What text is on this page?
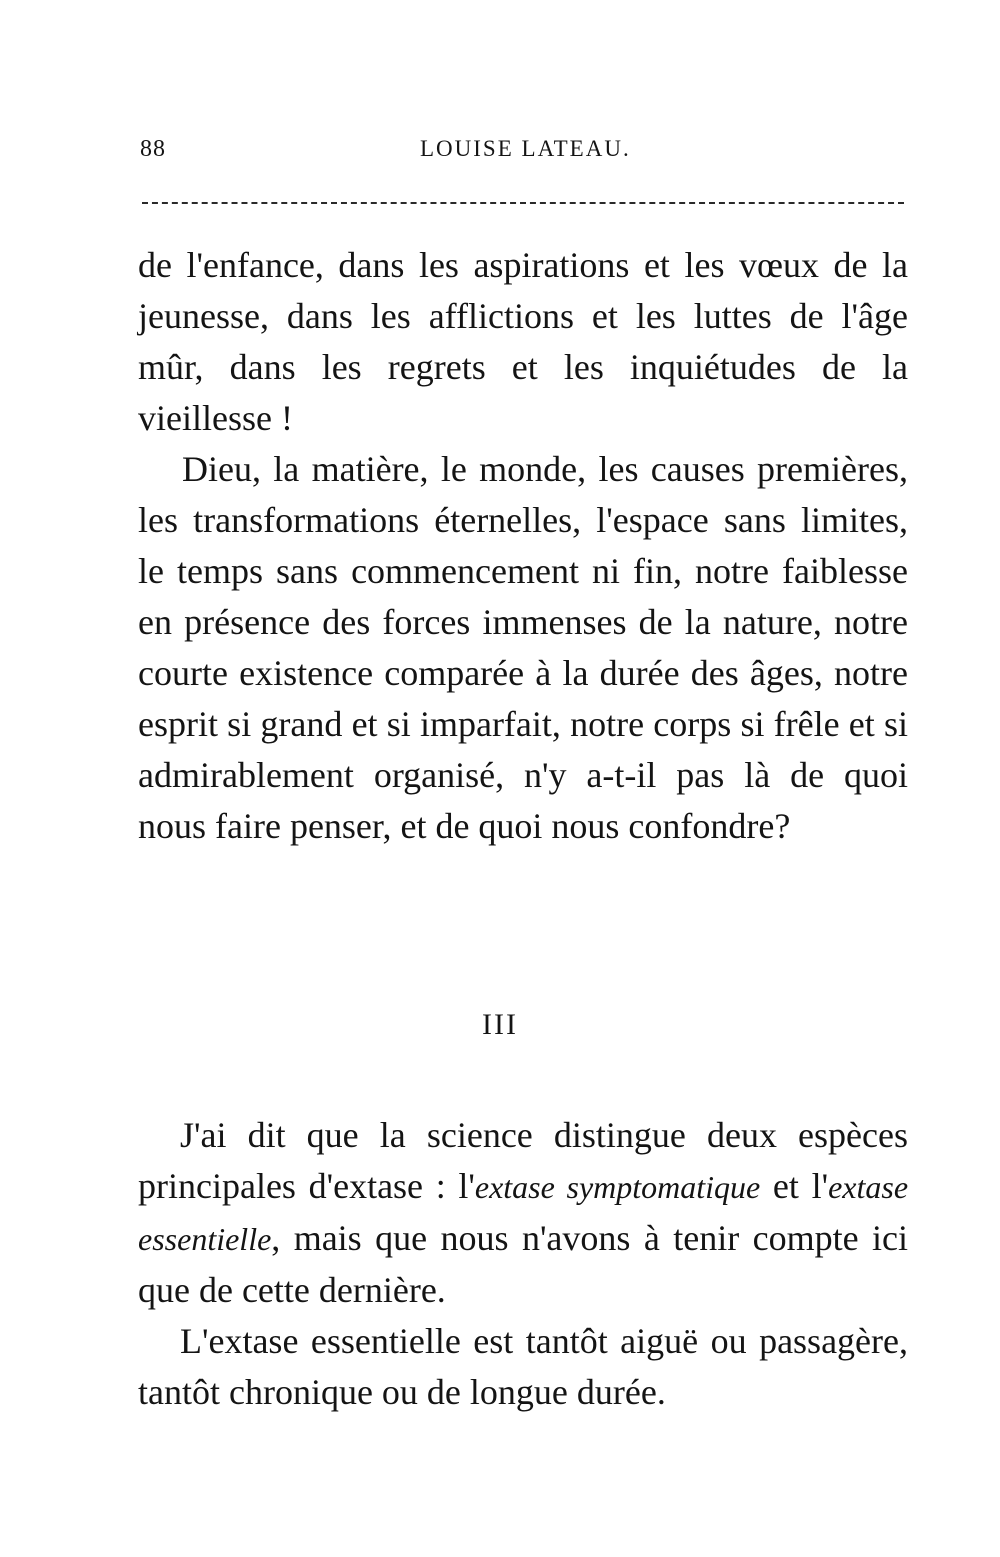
88	LOUISE LATEAU.

de l'enfance, dans les aspirations et les vœux de la jeunesse, dans les afflictions et les luttes de l'âge mûr, dans les regrets et les inquiétudes de la vieillesse !

Dieu, la matière, le monde, les causes premières, les transformations éternelles, l'espace sans limites, le temps sans commencement ni fin, notre faiblesse en présence des forces immenses de la nature, notre courte existence comparée à la durée des âges, notre esprit si grand et si imparfait, notre corps si frêle et si admirablement organisé, n'y a-t-il pas là de quoi nous faire penser, et de quoi nous confondre?

III

J'ai dit que la science distingue deux espèces principales d'extase : l'extase symptomatique et l'extase essentielle, mais que nous n'avons à tenir compte ici que de cette dernière.

L'extase essentielle est tantôt aiguë ou passagère, tantôt chronique ou de longue durée.
